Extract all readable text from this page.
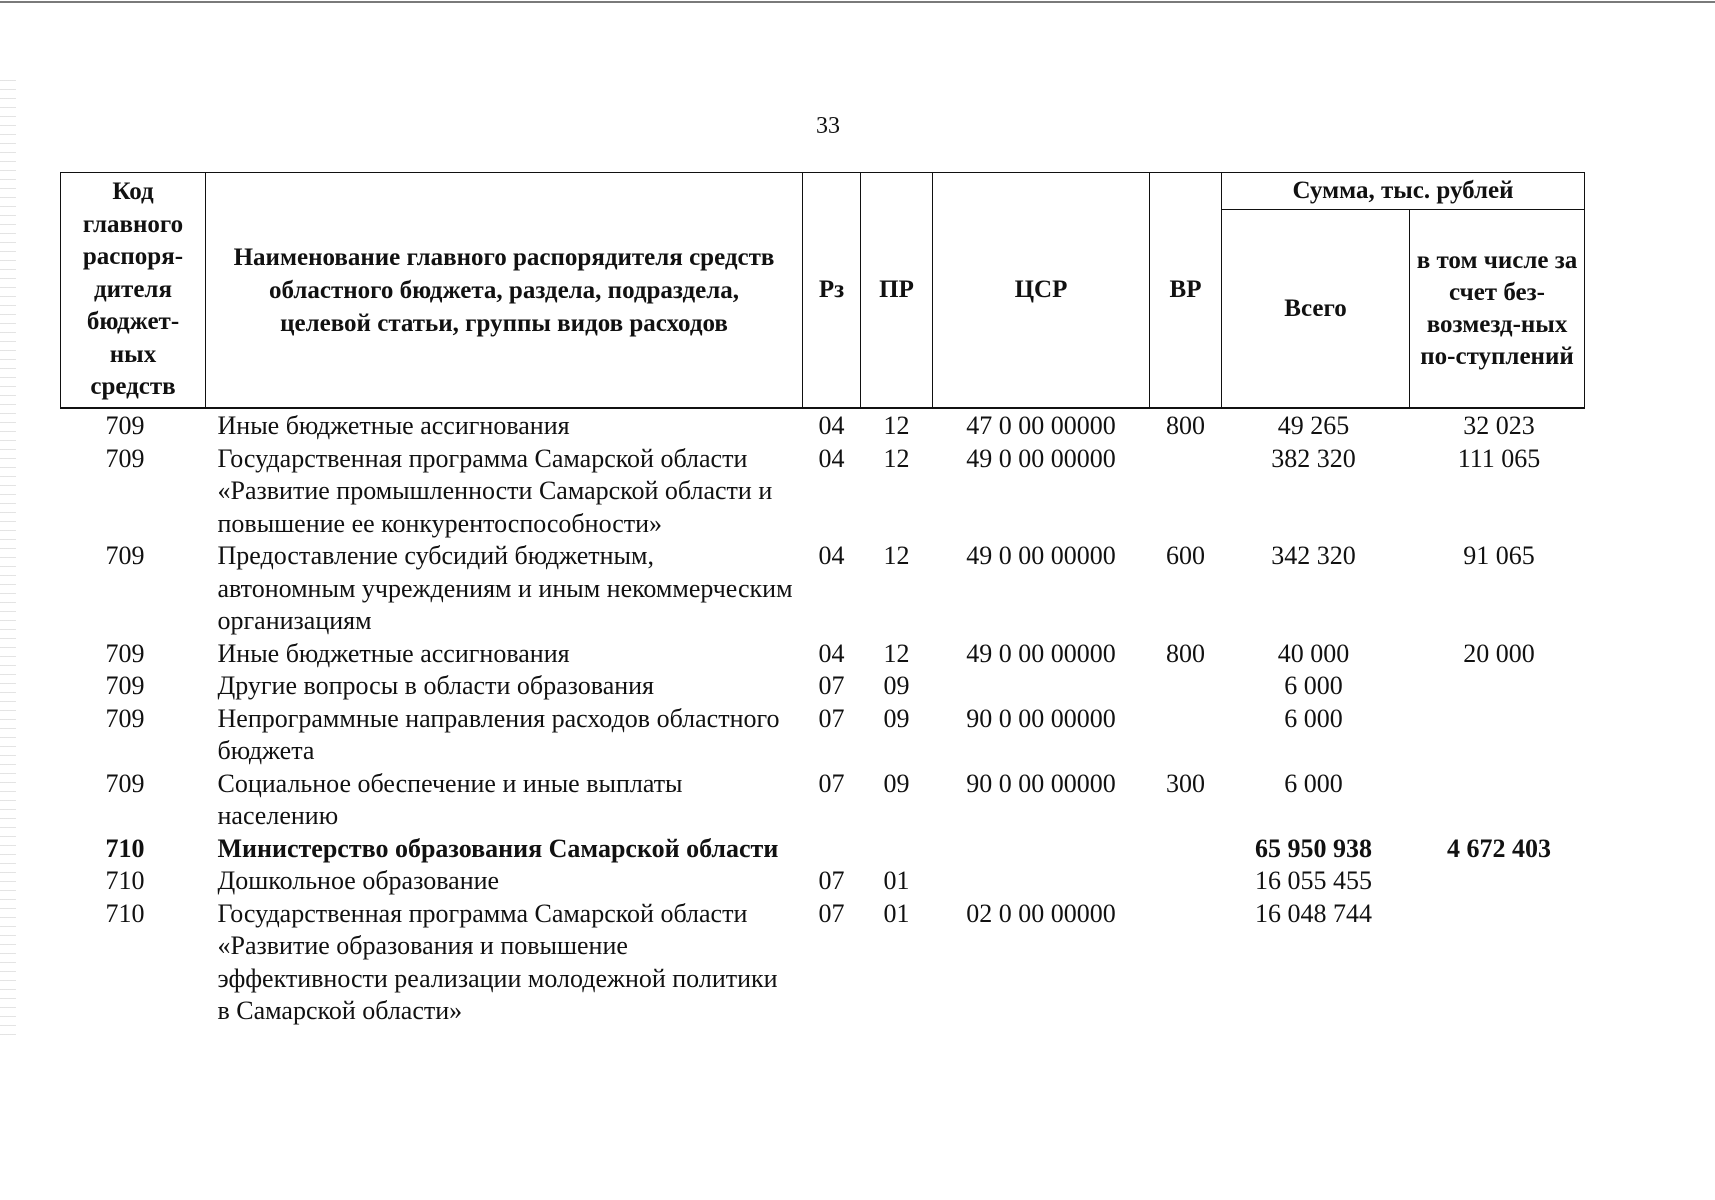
33
Код главного распоря-дителя бюджет-ных средств	Наименование главного распорядителя средств областного бюджета, раздела, подраздела, целевой статьи, группы видов расходов	Рз	ПР	ЦСР	ВР	Сумма, тыс. рублей	
						Всего	в том числе за счет без-возмезд-ных по-ступлений
709	Иные бюджетные ассигнования	04	12	47 0 00 00000	800	49 265	32 023
709	Государственная программа Самарской области «Развитие промышленности Самарской области и повышение ее конкурентоспособности»	04	12	49 0 00 00000		382 320	111 065
709	Предоставление субсидий бюджетным, автономным учреждениям и иным некоммерческим организациям	04	12	49 0 00 00000	600	342 320	91 065
709	Иные бюджетные ассигнования	04	12	49 0 00 00000	800	40 000	20 000
709	Другие вопросы в области образования	07	09			6 000	
709	Непрограммные направления расходов областного бюджета	07	09	90 0 00 00000		6 000	
709	Социальное обеспечение и иные выплаты населению	07	09	90 0 00 00000	300	6 000	
710	Министерство образования Самарской области					65 950 938	4 672 403
710	Дошкольное образование	07	01			16 055 455	
710	Государственная программа Самарской области «Развитие образования и повышение эффективности реализации молодежной политики в Самарской области»	07	01	02 0 00 00000		16 048 744	
